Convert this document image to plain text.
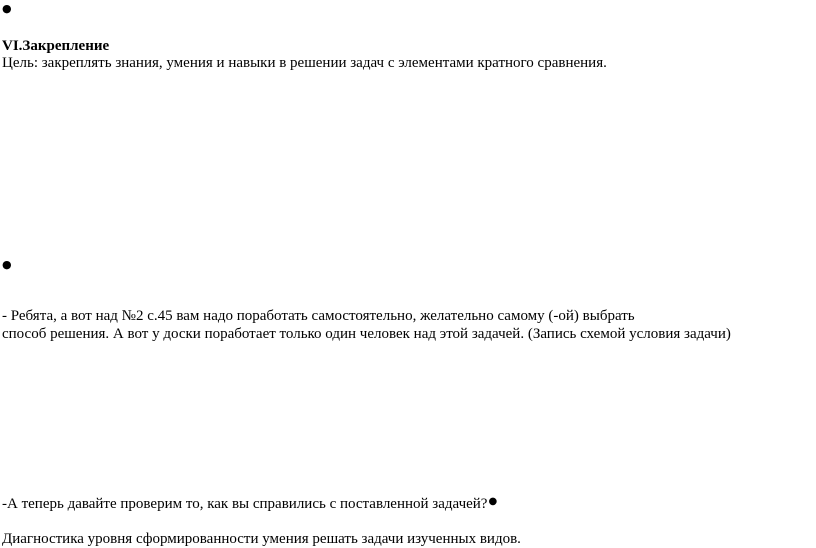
●
VI.Закрепление
Цель: закреплять знания, умения и навыки в решении задач с элементами кратного сравнения.
●
- Ребята, а вот над №2 с.45 вам надо поработать самостоятельно, желательно самому (-ой) выбрать
способ решения. А вот у доски поработает только один человек над этой задачей. (Запись схемой условия задачи)
-А теперь давайте проверим то, как вы справились с поставленной задачей?●
Диагностика уровня сформированности умения решать задачи изученных видов.
